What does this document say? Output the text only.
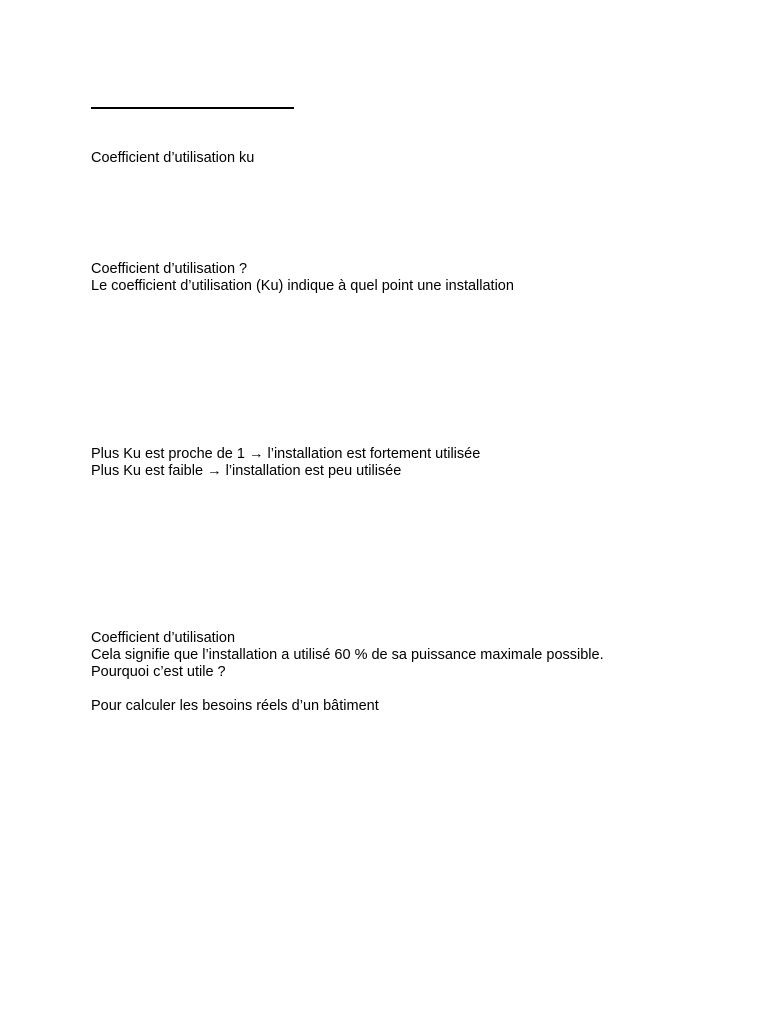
Coefficient d’utilisation ku
Coefficient d’utilisation ?
Le coefficient d’utilisation (Ku) indique à quel point une installation
Plus Ku est proche de 1 → l’installation est fortement utilisée
Plus Ku est faible → l’installation est peu utilisée
Coefficient d’utilisation
Cela signifie que l’installation a utilisé 60 % de sa puissance maximale possible.
Pourquoi c’est utile ?
Pour calculer les besoins réels d’un bâtiment
